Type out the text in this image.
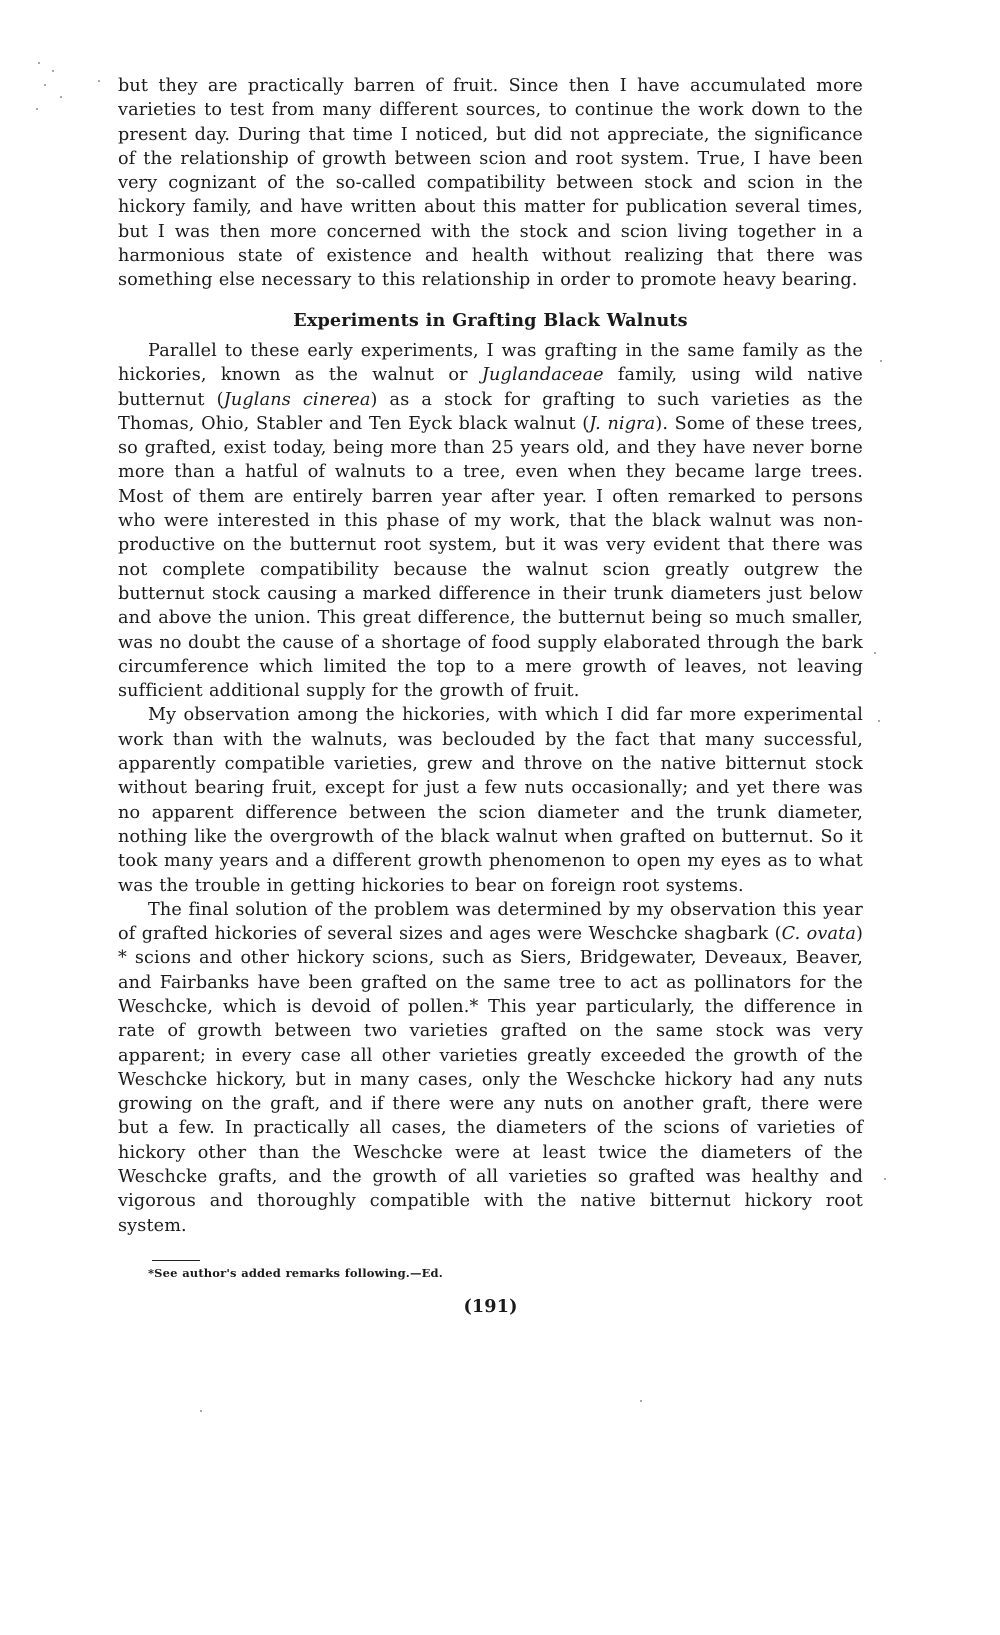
but they are practically barren of fruit. Since then I have accumulated more varieties to test from many different sources, to continue the work down to the present day. During that time I noticed, but did not appreciate, the significance of the relationship of growth between scion and root system. True, I have been very cognizant of the so-called compatibility between stock and scion in the hickory family, and have written about this matter for publication several times, but I was then more concerned with the stock and scion living together in a harmonious state of existence and health without realizing that there was something else necessary to this relationship in order to promote heavy bearing.

Experiments in Grafting Black Walnuts

Parallel to these early experiments, I was grafting in the same family as the hickories, known as the walnut or Juglandaceae family, using wild native butternut (Juglans cinerea) as a stock for grafting to such varieties as the Thomas, Ohio, Stabler and Ten Eyck black walnut (J. nigra). Some of these trees, so grafted, exist today, being more than 25 years old, and they have never borne more than a hatful of walnuts to a tree, even when they became large trees. Most of them are entirely barren year after year. I often remarked to persons who were interested in this phase of my work, that the black walnut was non-productive on the butternut root system, but it was very evident that there was not complete compatibility because the walnut scion greatly outgrew the butternut stock causing a marked difference in their trunk diameters just below and above the union. This great difference, the butternut being so much smaller, was no doubt the cause of a shortage of food supply elaborated through the bark circumference which limited the top to a mere growth of leaves, not leaving sufficient additional supply for the growth of fruit.

My observation among the hickories, with which I did far more experimental work than with the walnuts, was beclouded by the fact that many successful, apparently compatible varieties, grew and throve on the native bitternut stock without bearing fruit, except for just a few nuts occasionally; and yet there was no apparent difference between the scion diameter and the trunk diameter, nothing like the overgrowth of the black walnut when grafted on butternut. So it took many years and a different growth phenomenon to open my eyes as to what was the trouble in getting hickories to bear on foreign root systems.

The final solution of the problem was determined by my observation this year of grafted hickories of several sizes and ages were Weschcke shagbark (C. ovata) * scions and other hickory scions, such as Siers, Bridgewater, Deveaux, Beaver, and Fairbanks have been grafted on the same tree to act as pollinators for the Weschcke, which is devoid of pollen.* This year particularly, the difference in rate of growth between two varieties grafted on the same stock was very apparent; in every case all other varieties greatly exceeded the growth of the Weschcke hickory, but in many cases, only the Weschcke hickory had any nuts growing on the graft, and if there were any nuts on another graft, there were but a few. In practically all cases, the diameters of the scions of varieties of hickory other than the Weschcke were at least twice the diameters of the Weschcke grafts, and the growth of all varieties so grafted was healthy and vigorous and thoroughly compatible with the native bitternut hickory root system.

*See author's added remarks following.—Ed.
(191)
